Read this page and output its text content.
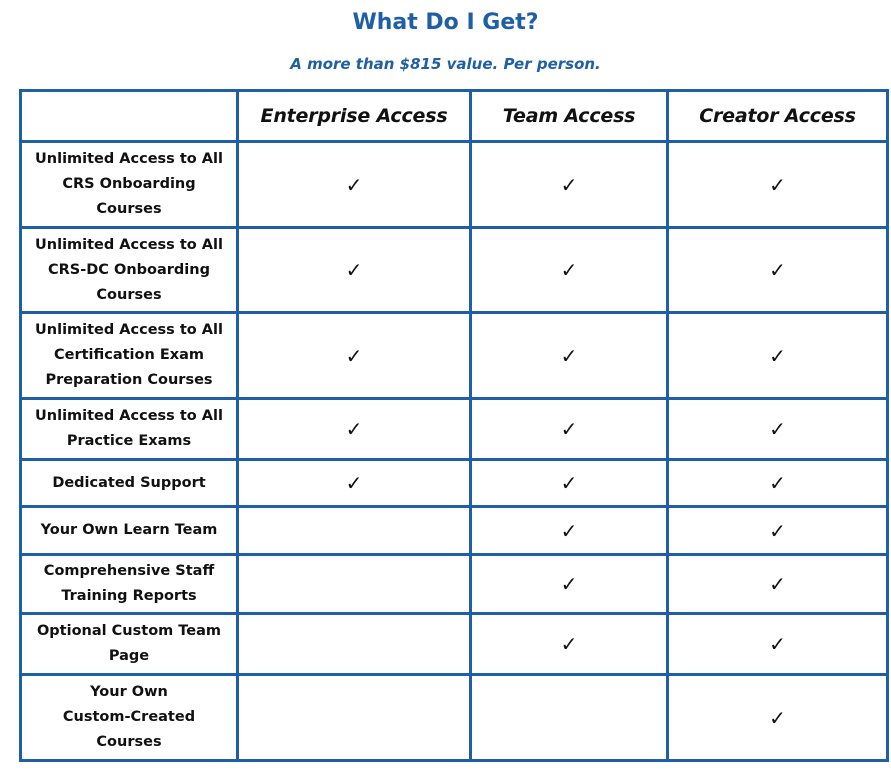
What Do I Get?
A more than $815 value. Per person.
	Enterprise Access	Team Access	Creator Access

Unlimited Access to All CRS Onboarding Courses	✓	✓	✓

Unlimited Access to All CRS-DC Onboarding Courses	✓	✓	✓

Unlimited Access to All Certification Exam Preparation Courses	✓	✓	✓

Unlimited Access to All Practice Exams	✓	✓	✓

Dedicated Support	✓	✓	✓

Your Own Learn Team		✓	✓

Comprehensive Staff Training Reports		✓	✓

Optional Custom Team Page		✓	✓

Your Own Custom-Created Courses			✓
